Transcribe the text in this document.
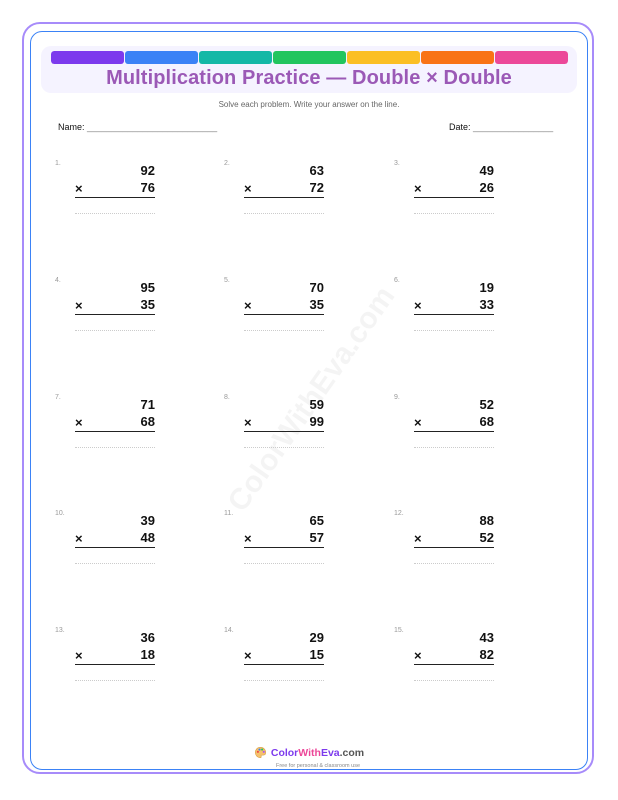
Multiplication Practice — Double × Double
Solve each problem. Write your answer on the line.
Name: __________________________	Date: ________________
1.	92
×	76
2.	63
×	72
3.	49
×	26
4.	95
×	35
5.	70
×	35
6.	19
×	33
7.	71
×	68
8.	59
×	99
9.	52
×	68
10.	39
×	48
11.	65
×	57
12.	88
×	52
13.	36
×	18
14.	29
×	15
15.	43
×	82
ColorWithEva.com
Free for personal & classroom use
